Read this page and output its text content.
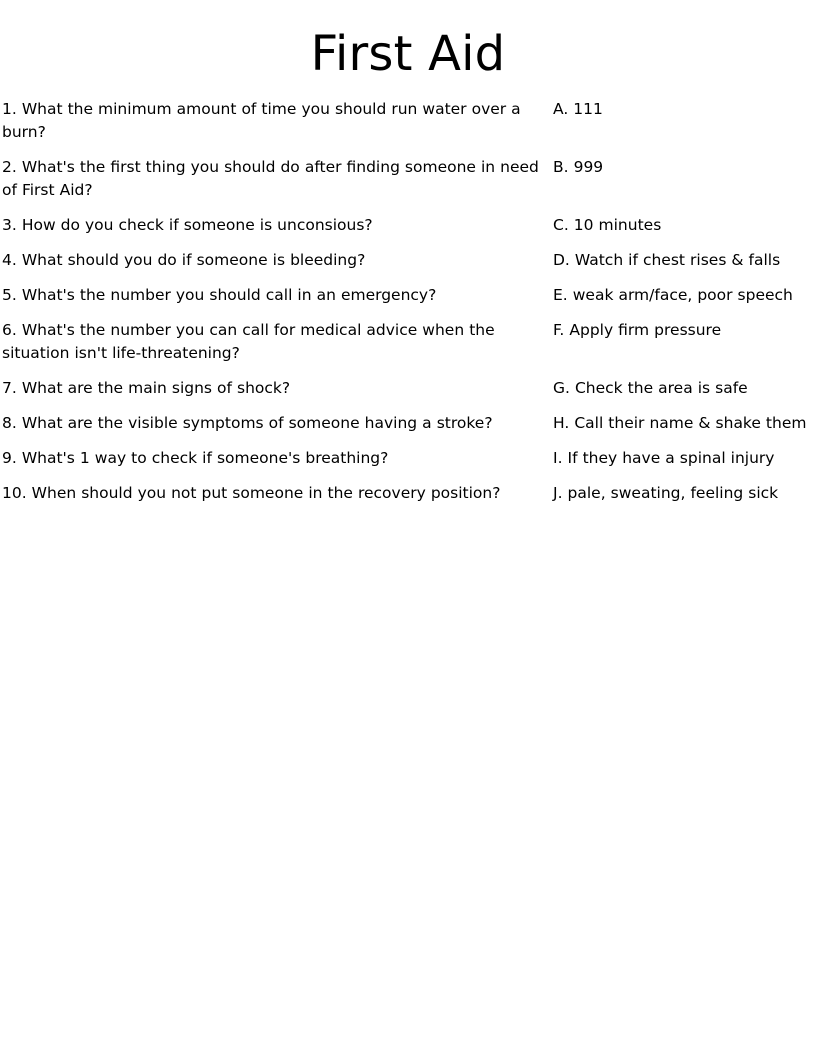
First Aid
1. What the minimum amount of time you should run water over a burn?	A. 111
2. What's the first thing you should do after finding someone in need of First Aid?	B. 999
3. How do you check if someone is unconsious?	C. 10 minutes
4. What should you do if someone is bleeding?	D. Watch if chest rises & falls
5. What's the number you should call in an emergency?	E. weak arm/face, poor speech
6. What's the number you can call for medical advice when the situation isn't life-threatening?	F. Apply firm pressure
7. What are the main signs of shock?	G. Check the area is safe
8. What are the visible symptoms of someone having a stroke?	H. Call their name & shake them
9. What's 1 way to check if someone's breathing?	I. If they have a spinal injury
10. When should you not put someone in the recovery position?	J. pale, sweating, feeling sick
